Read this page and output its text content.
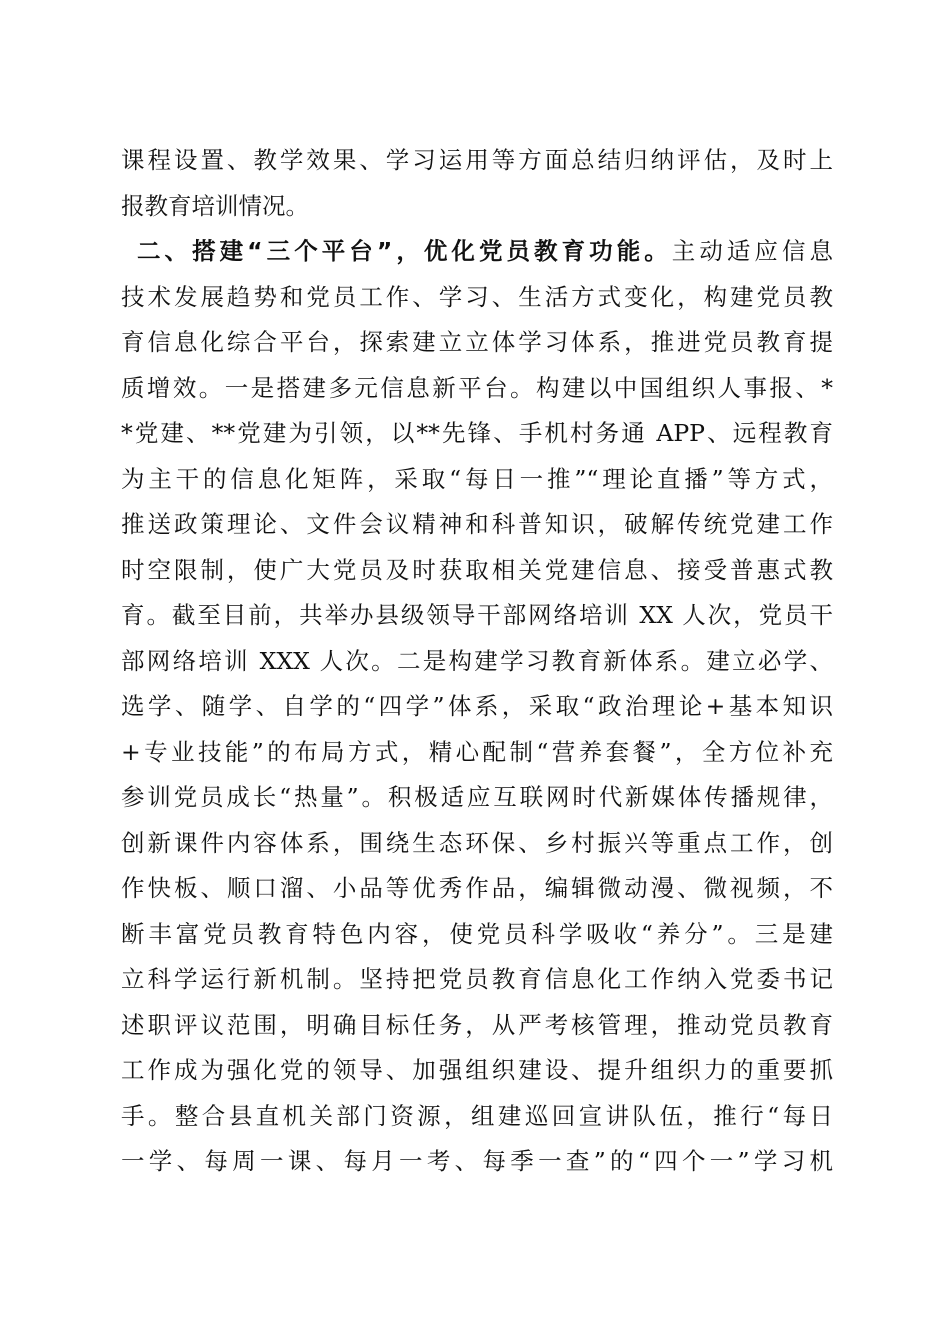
课程设置、教学效果、学习运用等方面总结归纳评估，及时上
报教育培训情况。
二、搭建“三个平台”，优化党员教育功能。主动适应信息
技术发展趋势和党员工作、学习、生活方式变化，构建党员教
育信息化综合平台，探索建立立体学习体系，推进党员教育提
质增效。一是搭建多元信息新平台。构建以中国组织人事报、*
*党建、**党建为引领，以**先锋、手机村务通 APP、远程教育
为主干的信息化矩阵，采取“每日一推”“理论直播”等方式，
推送政策理论、文件会议精神和科普知识，破解传统党建工作
时空限制，使广大党员及时获取相关党建信息、接受普惠式教
育。截至目前，共举办县级领导干部网络培训 XX 人次，党员干
部网络培训 XXX 人次。二是构建学习教育新体系。建立必学、
选学、随学、自学的“四学”体系，采取“政治理论+基本知识
+专业技能”的布局方式，精心配制“营养套餐”，全方位补充
参训党员成长“热量”。积极适应互联网时代新媒体传播规律，
创新课件内容体系，围绕生态环保、乡村振兴等重点工作，创
作快板、顺口溜、小品等优秀作品，编辑微动漫、微视频，不
断丰富党员教育特色内容，使党员科学吸收“养分”。三是建
立科学运行新机制。坚持把党员教育信息化工作纳入党委书记
述职评议范围，明确目标任务，从严考核管理，推动党员教育
工作成为强化党的领导、加强组织建设、提升组织力的重要抓
手。整合县直机关部门资源，组建巡回宣讲队伍，推行“每日
一学、每周一课、每月一考、每季一查”的“四个一”学习机
